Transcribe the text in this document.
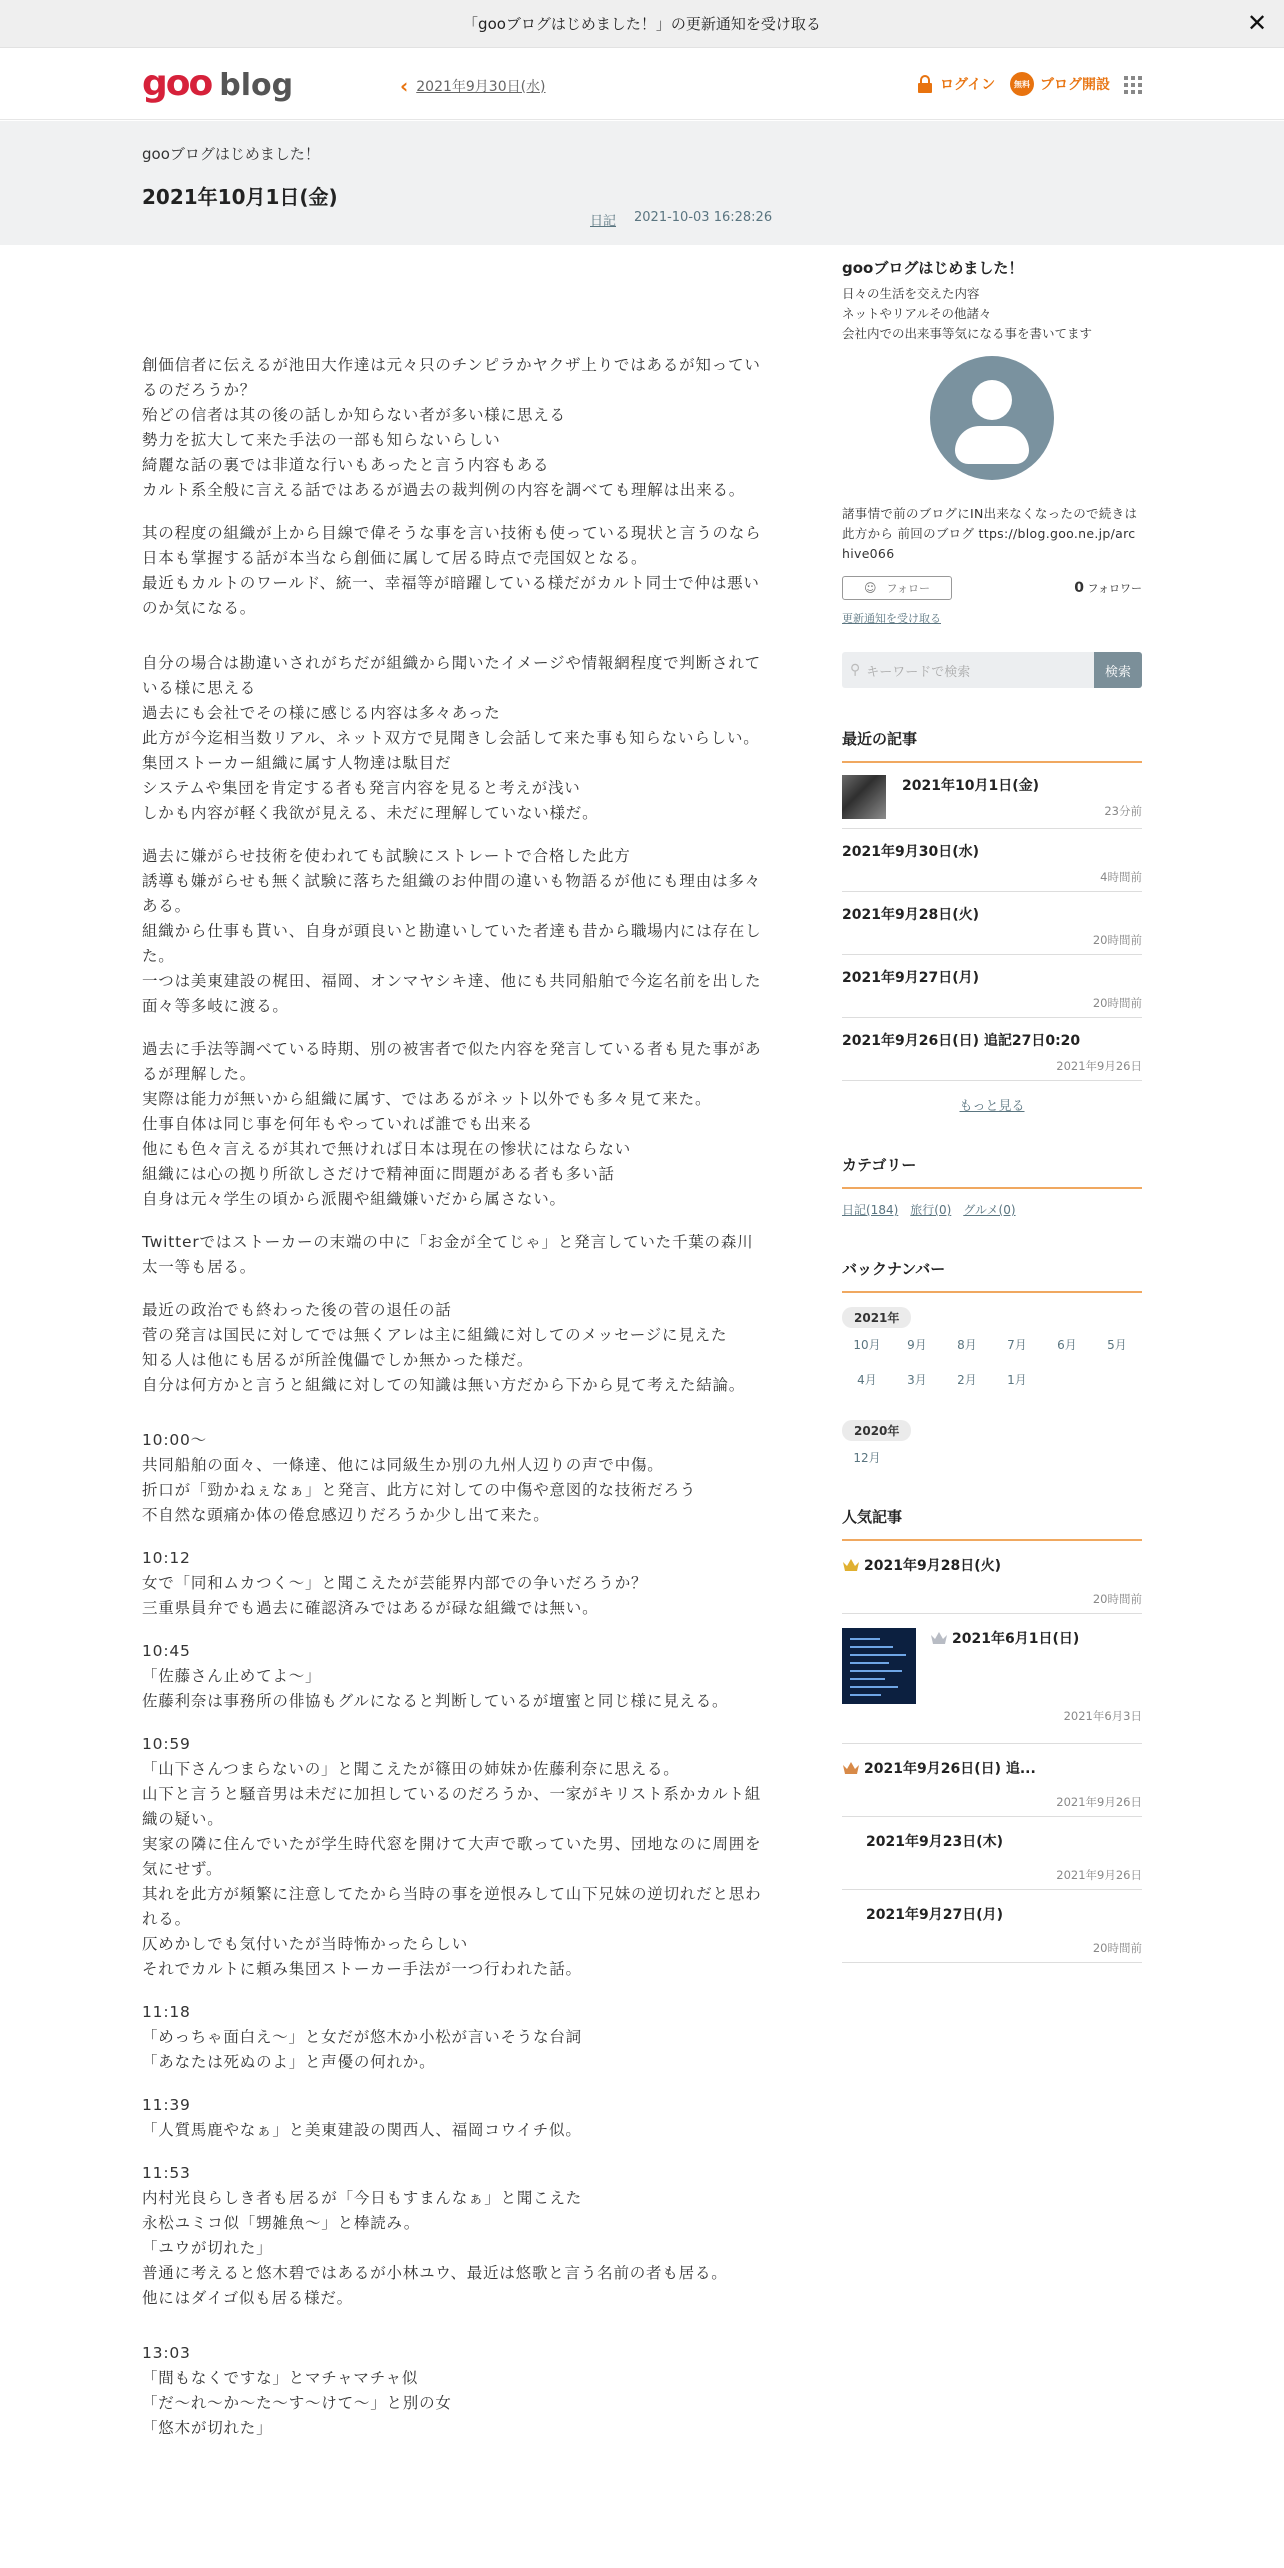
「gooブログはじめました！」の更新通知を受け取る	✕
goo blog	‹ 2021年9月30日(水)	ログイン	無料 ブログ開設
gooブログはじめました！
2021年10月1日(金)
日記 2021-10-03 16:28:26

創価信者に伝えるが池田大作達は元々只のチンピラかヤクザ上りではあるが知っているのだろうか？
殆どの信者は其の後の話しか知らない者が多い様に思える
勢力を拡大して来た手法の一部も知らないらしい
綺麗な話の裏では非道な行いもあったと言う内容もある
カルト系全般に言える話ではあるが過去の裁判例の内容を調べても理解は出来る。

其の程度の組織が上から目線で偉そうな事を言い技術も使っている現状と言うのなら
日本も掌握する話が本当なら創価に属して居る時点で売国奴となる。
最近もカルトのワールド、統一、幸福等が暗躍している様だがカルト同士で仲は悪いのか気になる。

自分の場合は勘違いされがちだが組織から聞いたイメージや情報網程度で判断されている様に思える
過去にも会社でその様に感じる内容は多々あった
此方が今迄相当数リアル、ネット双方で見聞きし会話して来た事も知らないらしい。
集団ストーカー組織に属す人物達は駄目だ
システムや集団を肯定する者も発言内容を見ると考えが浅い
しかも内容が軽く我欲が見える、未だに理解していない様だ。

過去に嫌がらせ技術を使われても試験にストレートで合格した此方
誘導も嫌がらせも無く試験に落ちた組織のお仲間の違いも物語るが他にも理由は多々ある。
組織から仕事も貰い、自身が頭良いと勘違いしていた者達も昔から職場内には存在した。
一つは美東建設の梶田、福岡、オンマヤシキ達、他にも共同船舶で今迄名前を出した面々等多岐に渡る。

過去に手法等調べている時期、別の被害者で似た内容を発言している者も見た事があるが理解した。
実際は能力が無いから組織に属す、ではあるがネット以外でも多々見て来た。
仕事自体は同じ事を何年もやっていれば誰でも出来る
他にも色々言えるが其れで無ければ日本は現在の惨状にはならない
組織には心の拠り所欲しさだけで精神面に問題がある者も多い話
自身は元々学生の頃から派閥や組織嫌いだから属さない。

Twitterではストーカーの末端の中に「お金が全てじゃ」と発言していた千葉の森川太一等も居る。

最近の政治でも終わった後の菅の退任の話
菅の発言は国民に対してでは無くアレは主に組織に対してのメッセージに見えた
知る人は他にも居るが所詮傀儡でしか無かった様だ。
自分は何方かと言うと組織に対しての知識は無い方だから下から見て考えた結論。

10:00～
共同船舶の面々、一條達、他には同級生か別の九州人辺りの声で中傷。
折口が「勁かねぇなぁ」と発言、此方に対しての中傷や意図的な技術だろう
不自然な頭痛か体の倦怠感辺りだろうか少し出て来た。

10:12
女で「同和ムカつく～」と聞こえたが芸能界内部での争いだろうか？
三重県員弁でも過去に確認済みではあるが碌な組織では無い。

10:45
「佐藤さん止めてよ～」
佐藤利奈は事務所の俳協もグルになると判断しているが壇蜜と同じ様に見える。

10:59
「山下さんつまらないの」と聞こえたが篠田の姉妹か佐藤利奈に思える。
山下と言うと騒音男は未だに加担しているのだろうか、一家がキリスト系かカルト組織の疑い。
実家の隣に住んでいたが学生時代窓を開けて大声で歌っていた男、団地なのに周囲を気にせず。
其れを此方が頻繁に注意してたから当時の事を逆恨みして山下兄妹の逆切れだと思われる。
仄めかしでも気付いたが当時怖かったらしい
それでカルトに頼み集団ストーカー手法が一つ行われた話。

11:18
「めっちゃ面白え～」と女だが悠木か小松が言いそうな台詞
「あなたは死ぬのよ」と声優の何れか。

11:39
「人質馬鹿やなぁ」と美東建設の関西人、福岡コウイチ似。

11:53
内村光良らしき者も居るが「今日もすまんなぁ」と聞こえた
永松ユミコ似「甥雑魚～」と棒読み。
「ユウが切れた」
普通に考えると悠木碧ではあるが小林ユウ、最近は悠歌と言う名前の者も居る。
他にはダイゴ似も居る様だ。

13:03
「間もなくですな」とマチャマチャ似
「だ～れ～か～た～す～けて～」と別の女
「悠木が切れた」

gooブログはじめました！
日々の生活を交えた内容
ネットやリアルその他諸々
会社内での出来事等気になる事を書いてます
諸事情で前のブログにIN出来なくなったので続きは此方から 前回のブログ ttps://blog.goo.ne.jp/archive066
☺ フォロー	0 フォロワー
更新通知を受け取る
⚲ キーワードで検索	検索
最近の記事
2021年10月1日(金)
23分前
2021年9月30日(水)
4時間前
2021年9月28日(火)
20時間前
2021年9月27日(月)
20時間前
2021年9月26日(日) 追記27日0:20
2021年9月26日
もっと見る
カテゴリー
日記(184) 旅行(0) グルメ(0)
バックナンバー
2021年
10月	9月	8月	7月	6月	5月
4月	3月	2月	1月
2020年
12月
人気記事
2021年9月28日(火)
20時間前
2021年6月1日(日)
2021年6月3日
2021年9月26日(日) 追...
2021年9月26日
2021年9月23日(木)
2021年9月26日
2021年9月27日(月)
20時間前
